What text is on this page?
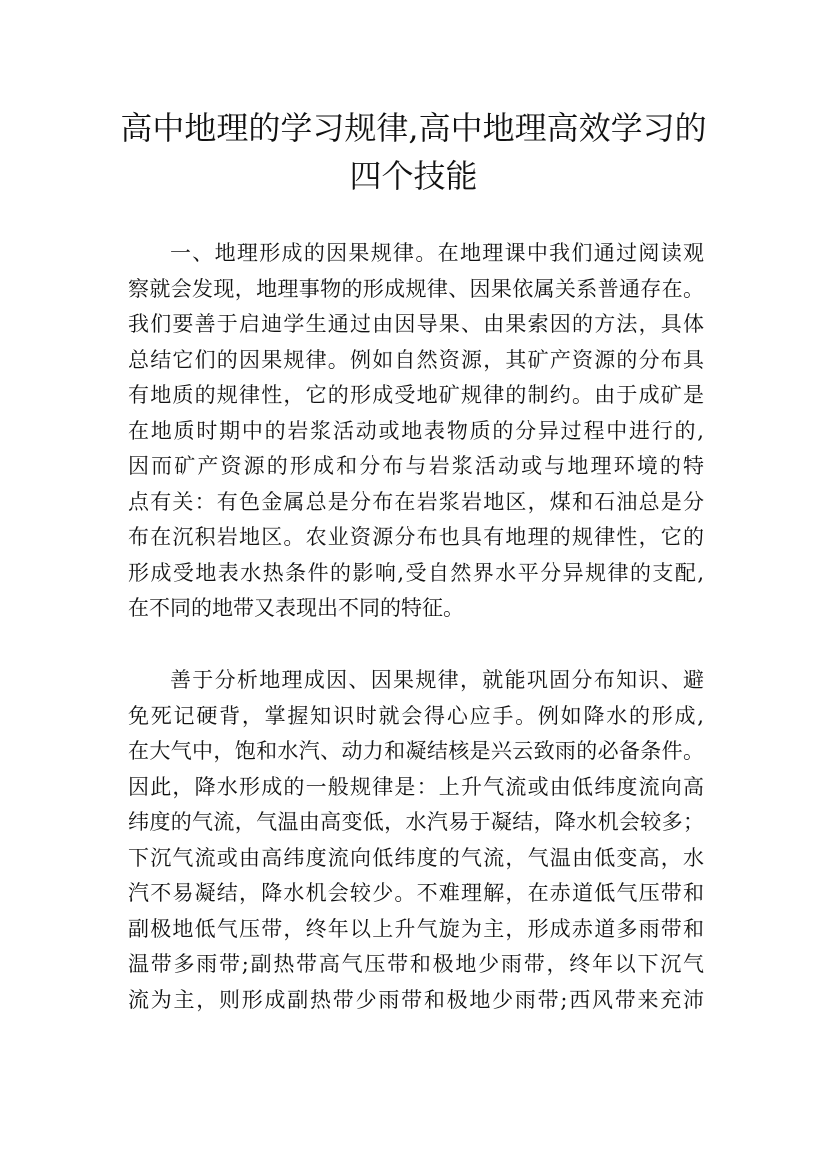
高中地理的学习规律,高中地理高效学习的
四个技能
一、地理形成的因果规律。在地理课中我们通过阅读观
察就会发现，地理事物的形成规律、因果依属关系普通存在。
我们要善于启迪学生通过由因导果、由果索因的方法，具体
总结它们的因果规律。例如自然资源，其矿产资源的分布具
有地质的规律性，它的形成受地矿规律的制约。由于成矿是
在地质时期中的岩浆活动或地表物质的分异过程中进行的,
因而矿产资源的形成和分布与岩浆活动或与地理环境的特
点有关：有色金属总是分布在岩浆岩地区，煤和石油总是分
布在沉积岩地区。农业资源分布也具有地理的规律性，它的
形成受地表水热条件的影响,受自然界水平分异规律的支配,
在不同的地带又表现出不同的特征。
善于分析地理成因、因果规律，就能巩固分布知识、避
免死记硬背，掌握知识时就会得心应手。例如降水的形成,
在大气中，饱和水汽、动力和凝结核是兴云致雨的必备条件。
因此，降水形成的一般规律是：上升气流或由低纬度流向高
纬度的气流，气温由高变低，水汽易于凝结，降水机会较多；
下沉气流或由高纬度流向低纬度的气流，气温由低变高，水
汽不易凝结，降水机会较少。不难理解，在赤道低气压带和
副极地低气压带，终年以上升气旋为主，形成赤道多雨带和
温带多雨带;副热带高气压带和极地少雨带，终年以下沉气
流为主，则形成副热带少雨带和极地少雨带;西风带来充沛
